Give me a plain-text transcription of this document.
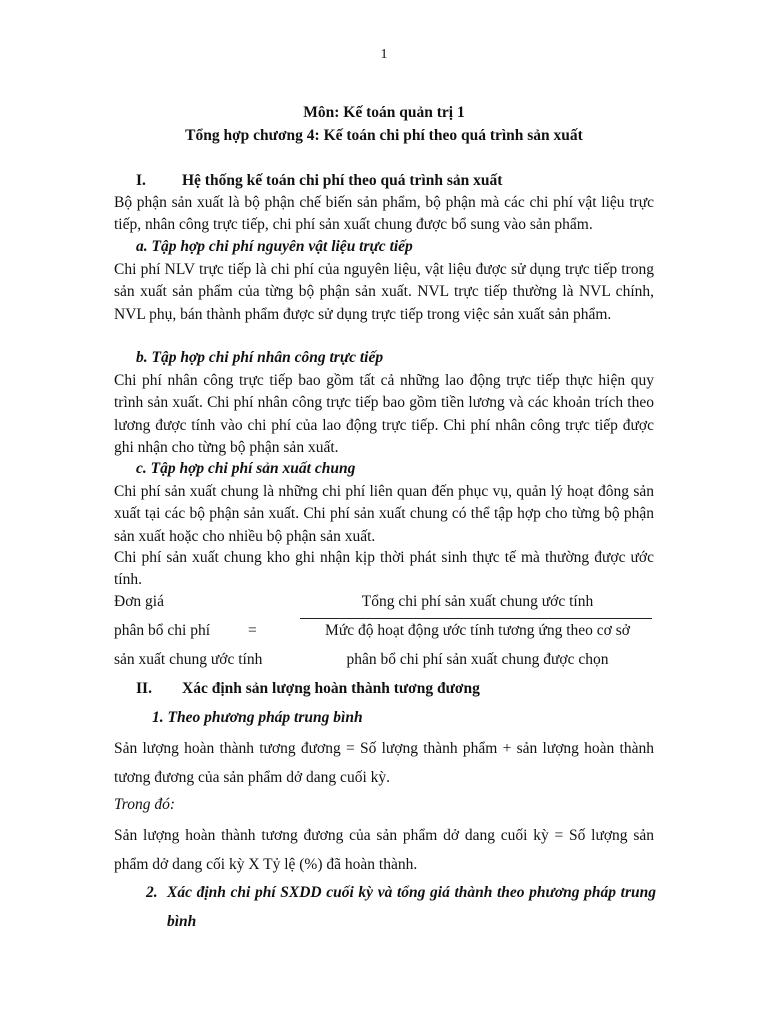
1
Môn: Kế toán quản trị 1
Tổng hợp chương 4: Kế toán chi phí theo quá trình sản xuất
I. Hệ thống kế toán chi phí theo quá trình sản xuất
Bộ phận sản xuất là bộ phận chế biến sản phẩm, bộ phận mà các chi phí vật liệu trực tiếp, nhân công trực tiếp, chi phí sản xuất chung được bổ sung vào sản phẩm.
a. Tập hợp chi phí nguyên vật liệu trực tiếp
Chi phí NLV trực tiếp là chi phí của nguyên liệu, vật liệu được sử dụng trực tiếp trong sản xuất sản phẩm của từng bộ phận sản xuất. NVL trực tiếp thường là NVL chính, NVL phụ, bán thành phẩm được sử dụng trực tiếp trong việc sản xuất sản phẩm.
b. Tập hợp chi phí nhân công trực tiếp
Chi phí nhân công trực tiếp bao gồm tất cả những lao động trực tiếp thực hiện quy trình sản xuất. Chi phí nhân công trực tiếp bao gồm tiền lương và các khoản trích theo lương được tính vào chi phí của lao động trực tiếp. Chi phí nhân công trực tiếp được ghi nhận cho từng bộ phận sản xuất.
c. Tập hợp chi phí sản xuất chung
Chi phí sản xuất chung là những chi phí liên quan đến phục vụ, quản lý hoạt đông sản xuất tại các bộ phận sản xuất. Chi phí sản xuất chung có thể tập hợp cho từng bộ phận sản xuất hoặc cho nhiều bộ phận sản xuất.
Chi phí sản xuất chung kho ghi nhận kịp thời phát sinh thực tế mà thường được ước tính.
Đơn giá	Tổng chi phí sản xuất chung ước tính
phân bổ chi phí =	Mức độ hoạt động ước tính tương ứng theo cơ sở
sản xuất chung ước tính	phân bổ chi phí sản xuất chung được chọn
II. Xác định sản lượng hoàn thành tương đương
1. Theo phương pháp trung bình
Sản lượng hoàn thành tương đương = Số lượng thành phẩm + sản lượng hoàn thành tương đương của sản phẩm dở dang cuối kỳ.
Trong đó:
Sản lượng hoàn thành tương đương của sản phẩm dở dang cuối kỳ = Số lượng sản phẩm dở dang cối kỳ X Tỷ lệ (%) đã hoàn thành.
2. Xác định chi phí SXDD cuối kỳ và tổng giá thành theo phương pháp trung bình
